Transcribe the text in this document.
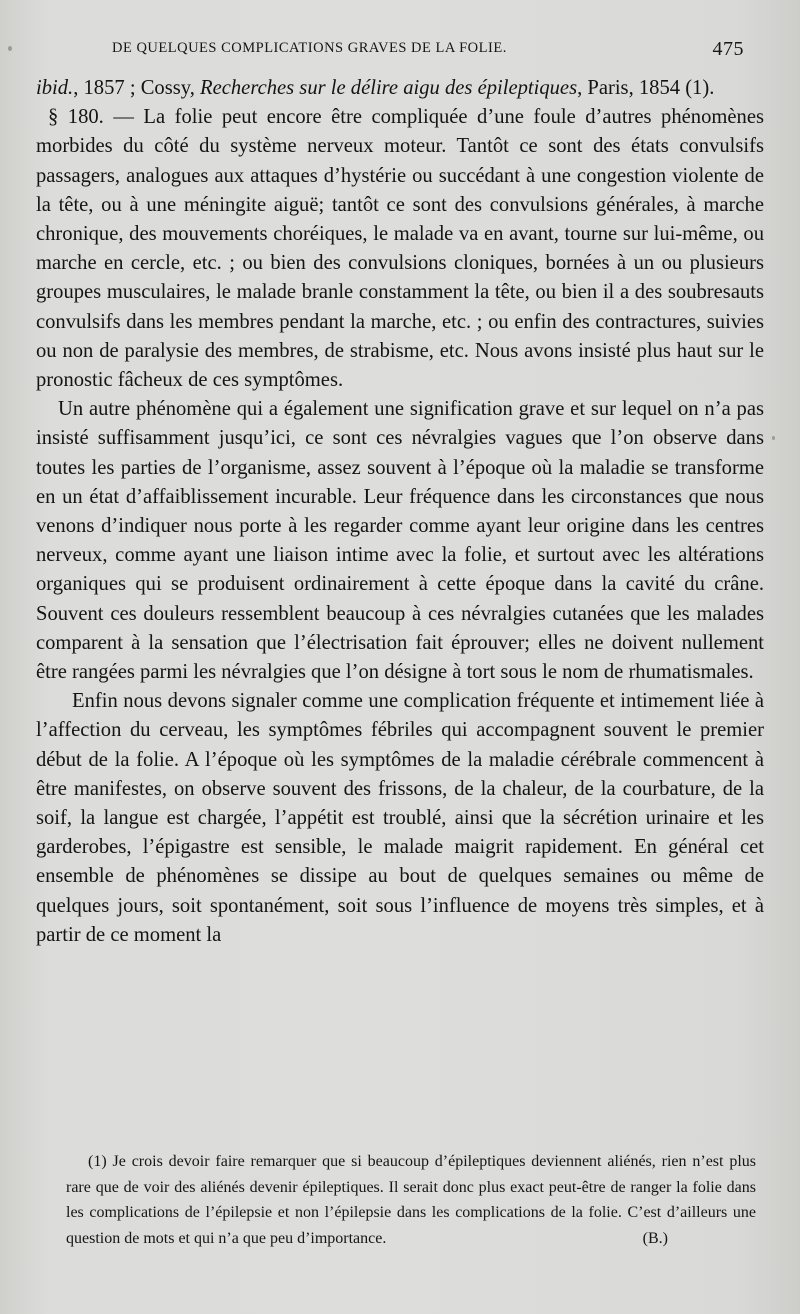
DE QUELQUES COMPLICATIONS GRAVES DE LA FOLIE.	475

ibid., 1857 ; Cossy, Recherches sur le délire aigu des épileptiques, Paris, 1854 (1).

§ 180. — La folie peut encore être compliquée d’une foule d’autres phénomènes morbides du côté du système nerveux moteur. Tantôt ce sont des états convulsifs passagers, analogues aux attaques d’hystérie ou succédant à une congestion violente de la tête, ou à une méningite aiguë; tantôt ce sont des convulsions générales, à marche chronique, des mouvements choréiques, le malade va en avant, tourne sur lui-même, ou marche en cercle, etc. ; ou bien des convulsions cloniques, bornées à un ou plusieurs groupes musculaires, le malade branle constamment la tête, ou bien il a des soubresauts convulsifs dans les membres pendant la marche, etc. ; ou enfin des contractures, suivies ou non de paralysie des membres, de strabisme, etc. Nous avons insisté plus haut sur le pronostic fâcheux de ces symptômes.

Un autre phénomène qui a également une signification grave et sur lequel on n’a pas insisté suffisamment jusqu’ici, ce sont ces névralgies vagues que l’on observe dans toutes les parties de l’organisme, assez souvent à l’époque où la maladie se transforme en un état d’affaiblissement incurable. Leur fréquence dans les circonstances que nous venons d’indiquer nous porte à les regarder comme ayant leur origine dans les centres nerveux, comme ayant une liaison intime avec la folie, et surtout avec les altérations organiques qui se produisent ordinairement à cette époque dans la cavité du crâne. Souvent ces douleurs ressemblent beaucoup à ces névralgies cutanées que les malades comparent à la sensation que l’électrisation fait éprouver; elles ne doivent nullement être rangées parmi les névralgies que l’on désigne à tort sous le nom de rhumatismales.

Enfin nous devons signaler comme une complication fréquente et intimement liée à l’affection du cerveau, les symptômes fébriles qui accompagnent souvent le premier début de la folie. A l’époque où les symptômes de la maladie cérébrale commencent à être manifestes, on observe souvent des frissons, de la chaleur, de la courbature, de la soif, la langue est chargée, l’appétit est troublé, ainsi que la sécrétion urinaire et les garderobes, l’épigastre est sensible, le malade maigrit rapidement. En général cet ensemble de phénomènes se dissipe au bout de quelques semaines ou même de quelques jours, soit spontanément, soit sous l’influence de moyens très simples, et à partir de ce moment la

(1) Je crois devoir faire remarquer que si beaucoup d’épileptiques deviennent aliénés, rien n’est plus rare que de voir des aliénés devenir épileptiques. Il serait donc plus exact peut-être de ranger la folie dans les complications de l’épilepsie et non l’épilepsie dans les complications de la folie. C’est d’ailleurs une question de mots et qui n’a que peu d’importance.	(B.)
